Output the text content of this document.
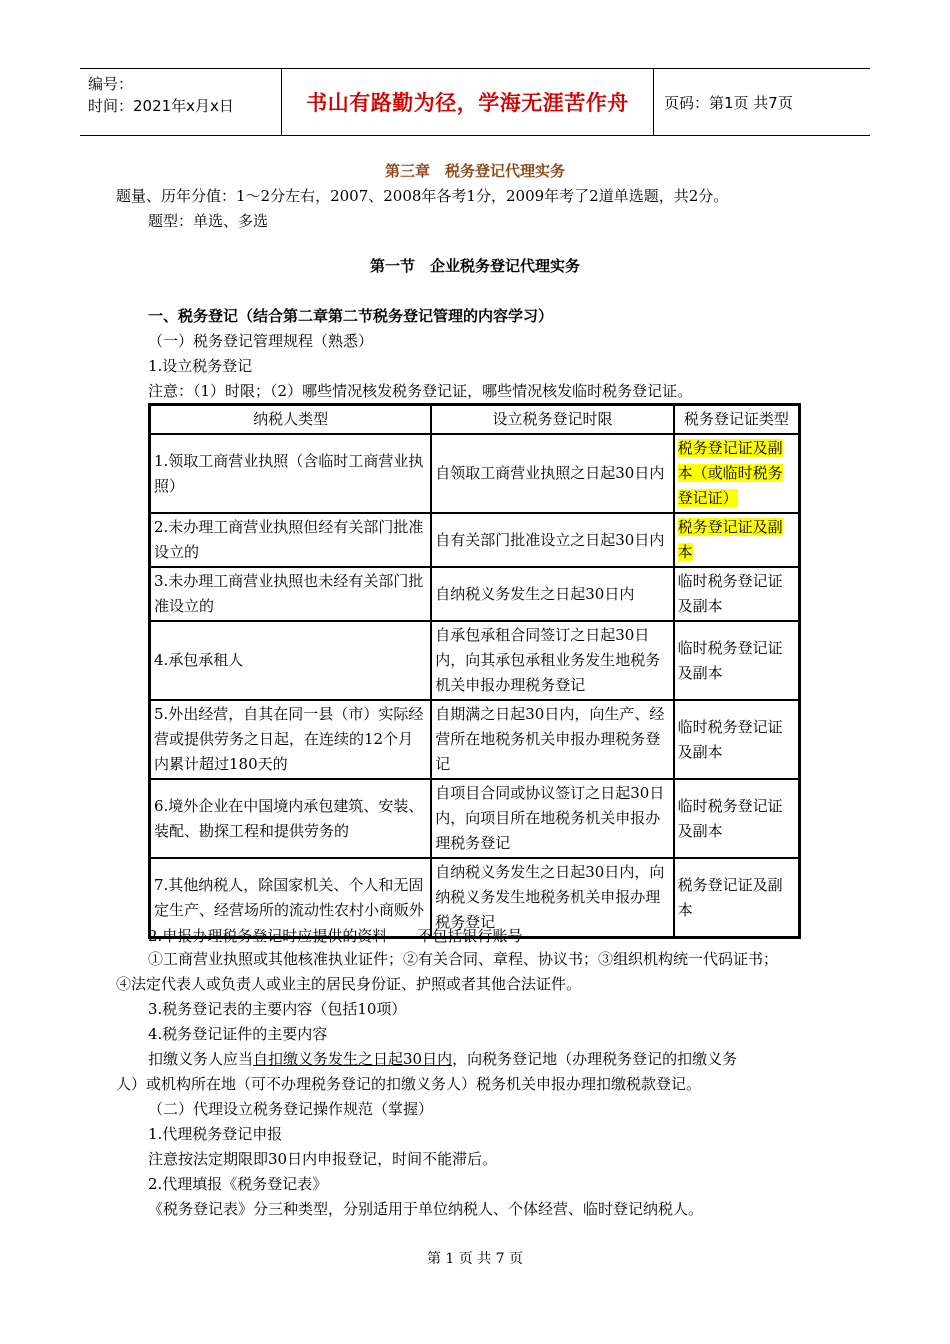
编号：
时间：2021年x月x日	书山有路勤为径，学海无涯苦作舟	页码：第1页 共7页
第三章　税务登记代理实务
题量、历年分值：1～2分左右，2007、2008年各考1分，2009年考了2道单选题，共2分。
题型：单选、多选
第一节　企业税务登记代理实务
一、税务登记（结合第二章第二节税务登记管理的内容学习）
（一）税务登记管理规程（熟悉）
1.设立税务登记
注意：（1）时限；（2）哪些情况核发税务登记证，哪些情况核发临时税务登记证。
纳税人类型	设立税务登记时限	税务登记证类型
1.领取工商营业执照（含临时工商营业执照）	自领取工商营业执照之日起30日内	税务登记证及副本（或临时税务登记证）
2.未办理工商营业执照但经有关部门批准设立的	自有关部门批准设立之日起30日内	税务登记证及副本
3.未办理工商营业执照也未经有关部门批准设立的	自纳税义务发生之日起30日内	临时税务登记证及副本
4.承包承租人	自承包承租合同签订之日起30日内，向其承包承租业务发生地税务机关申报办理税务登记	临时税务登记证及副本
5.外出经营，自其在同一县（市）实际经营或提供劳务之日起，在连续的12个月内累计超过180天的	自期满之日起30日内，向生产、经营所在地税务机关申报办理税务登记	临时税务登记证及副本
6.境外企业在中国境内承包建筑、安装、装配、勘探工程和提供劳务的	自项目合同或协议签订之日起30日内，向项目所在地税务机关申报办理税务登记	临时税务登记证及副本
7.其他纳税人，除国家机关、个人和无固定生产、经营场所的流动性农村小商贩外	自纳税义务发生之日起30日内，向纳税义务发生地税务机关申报办理税务登记	税务登记证及副本
2.申报办理税务登记时应提供的资料——不包括银行账号
①工商营业执照或其他核准执业证件；②有关合同、章程、协议书；③组织机构统一代码证书；
④法定代表人或负责人或业主的居民身份证、护照或者其他合法证件。
3.税务登记表的主要内容（包括10项）
4.税务登记证件的主要内容
扣缴义务人应当自扣缴义务发生之日起30日内，向税务登记地（办理税务登记的扣缴义务
人）或机构所在地（可不办理税务登记的扣缴义务人）税务机关申报办理扣缴税款登记。
（二）代理设立税务登记操作规范（掌握）
1.代理税务登记申报
注意按法定期限即30日内申报登记，时间不能滞后。
2.代理填报《税务登记表》
《税务登记表》分三种类型，分别适用于单位纳税人、个体经营、临时登记纳税人。
第 1 页 共 7 页
